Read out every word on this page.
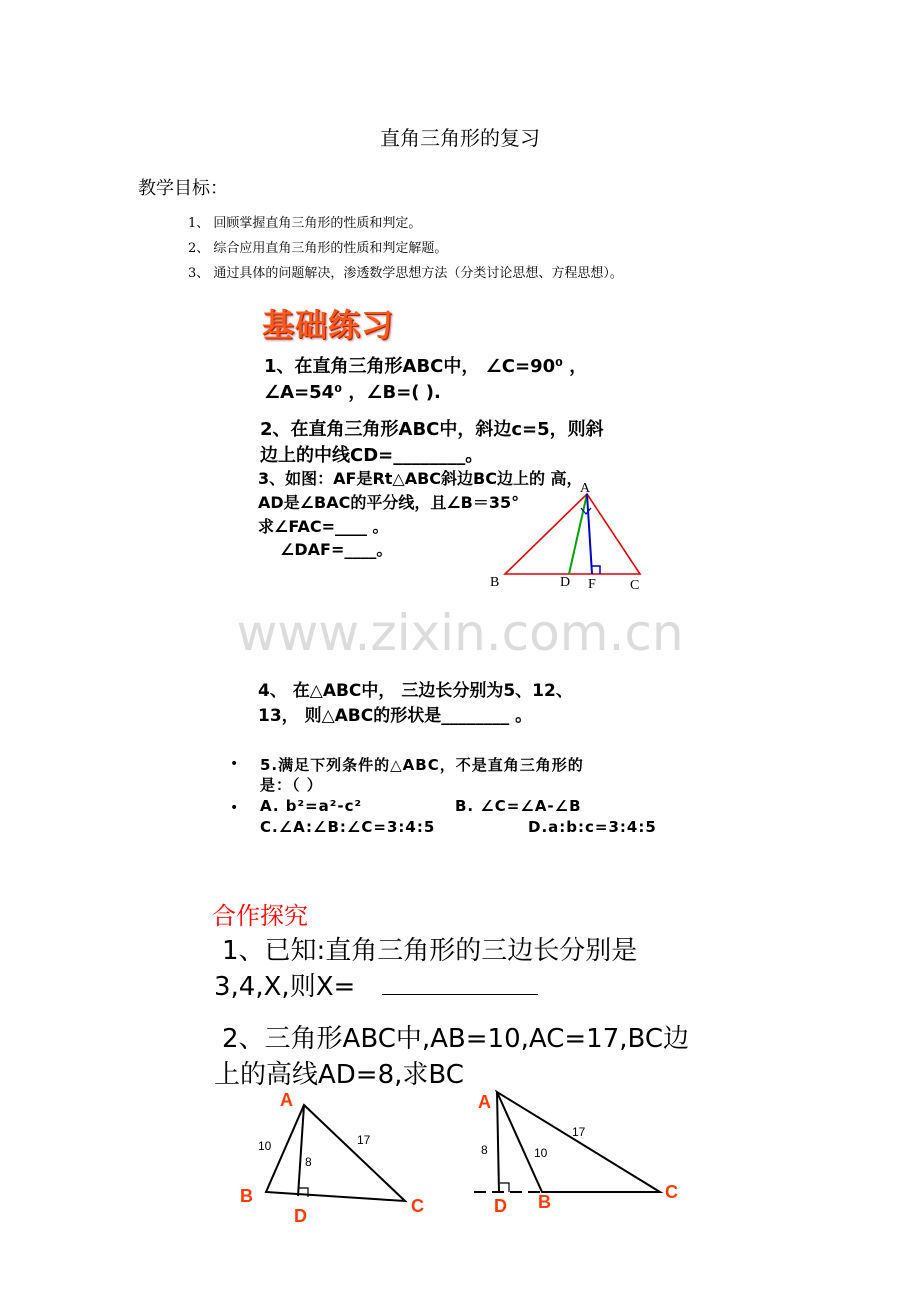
直角三角形的复习
教学目标：
1、 回顾掌握直角三角形的性质和判定。
2、 综合应用直角三角形的性质和判定解题。
3、 通过具体的问题解决，渗透数学思想方法（分类讨论思想、方程思想）。
基础练习
1、在直角三角形ABC中， ∠C=90⁰ ，
∠A=54⁰ ，∠B=( ).
2、在直角三角形ABC中，斜边c=5，则斜
边上的中线CD=________。
3、如图：AF是Rt△ABC斜边BC边上的 高，
AD是∠BAC的平分线，且∠B＝35°
求∠FAC=____ 。
∠DAF=____。
A
B	D F C
www.zixin.com.cn
4、 在△ABC中， 三边长分别为5、12、
13， 则△ABC的形状是________ 。
• 5.满足下列条件的△ABC，不是直角三角形的
是：（ ）
• A. b²=a²-c²	B. ∠C=∠A-∠B
C.∠A:∠B:∠C=3:4:5	D.a:b:c=3:4:5
合作探究
1、已知:直角三角形的三边长分别是
3,4,X,则X=
2、三角形ABC中,AB=10,AC=17,BC边
上的高线AD=8,求BC
A
B
D	C
10	17
8
A
B
D
C
8	10
17
